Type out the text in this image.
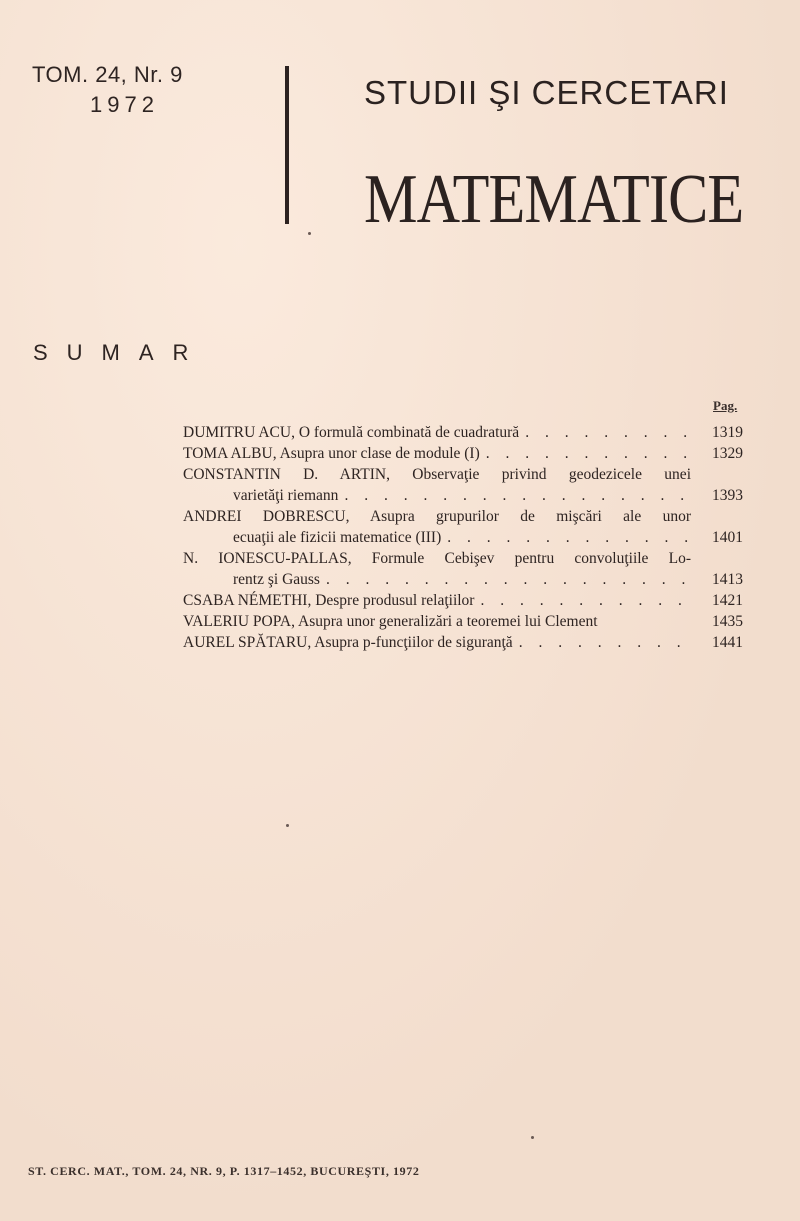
TOM. 24, Nr. 9
1972	STUDII ŞI CERCETARI
MATEMATICE
SUMAR
Pag.
DUMITRU ACU, O formulă combinată de cuadratură . . .	1319
TOMA ALBU, Asupra unor clase de module (I) . . .	1329
CONSTANTIN D. ARTIN, Observaţie privind geodezicele unei
varietăţi riemann . . .	1393
ANDREI DOBRESCU, Asupra grupurilor de mişcări ale unor
ecuaţii ale fizicii matematice (III) . . .	1401
N. IONESCU-PALLAS, Formule Cebişev pentru convoluţiile Lo-
rentz şi Gauss . . .	1413
CSABA NÉMETHI, Despre produsul relaţiilor . . .	1421
VALERIU POPA, Asupra unor generalizări a teoremei lui Clement	1435
AUREL SPĂTARU, Asupra p-funcţiilor de siguranţă . . .	1441
ST. CERC. MAT., TOM. 24, NR. 9, P. 1317–1452, BUCUREŞTI, 1972
